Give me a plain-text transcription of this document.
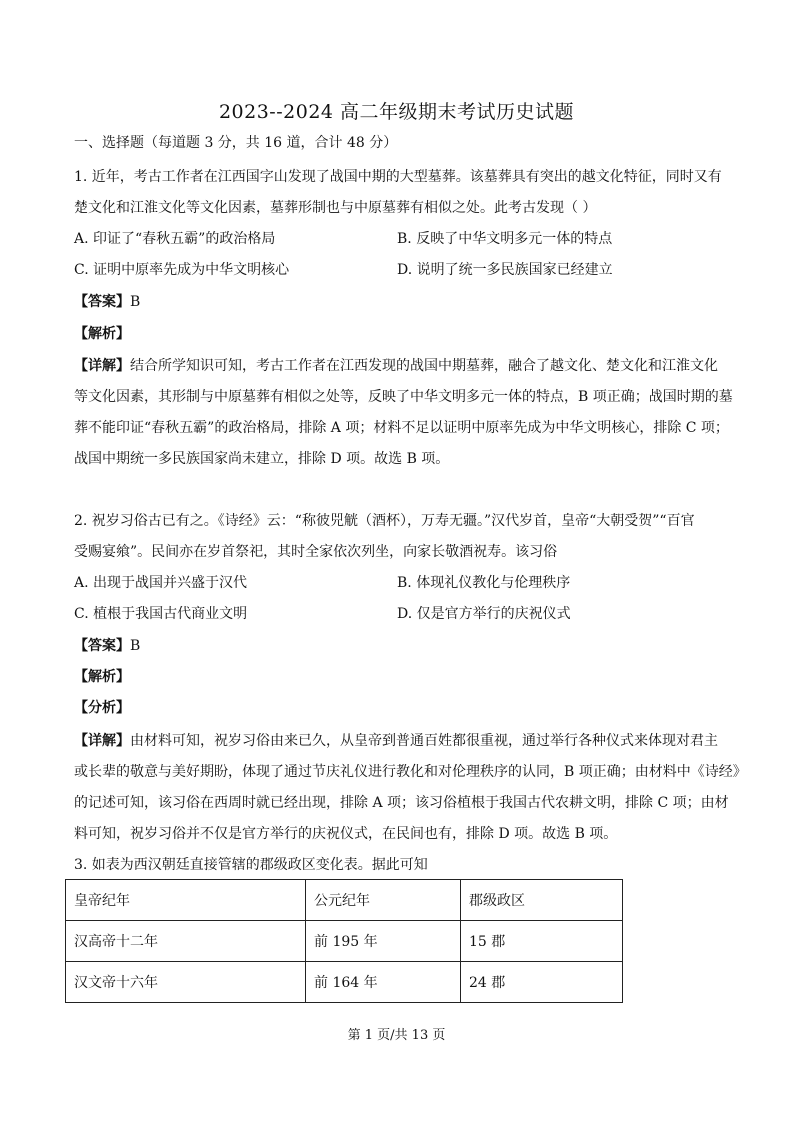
2023--2024 高二年级期末考试历史试题
一、选择题（每道题 3 分，共 16 道，合计 48 分）
1. 近年，考古工作者在江西国字山发现了战国中期的大型墓葬。该墓葬具有突出的越文化特征，同时又有
楚文化和江淮文化等文化因素，墓葬形制也与中原墓葬有相似之处。此考古发现（ ）
A. 印证了“春秋五霸”的政治格局	B. 反映了中华文明多元一体的特点
C. 证明中原率先成为中华文明核心	D. 说明了统一多民族国家已经建立
【答案】B
【解析】
【详解】结合所学知识可知，考古工作者在江西发现的战国中期墓葬，融合了越文化、楚文化和江淮文化
等文化因素，其形制与中原墓葬有相似之处等，反映了中华文明多元一体的特点，B 项正确；战国时期的墓
葬不能印证“春秋五霸”的政治格局，排除 A 项；材料不足以证明中原率先成为中华文明核心，排除 C 项；
战国中期统一多民族国家尚未建立，排除 D 项。故选 B 项。
2. 祝岁习俗古已有之。《诗经》云：“称彼兕觥（酒杯），万寿无疆。”汉代岁首，皇帝“大朝受贺”“百官
受赐宴飨”。民间亦在岁首祭祀，其时全家依次列坐，向家长敬酒祝寿。该习俗
A. 出现于战国并兴盛于汉代	B. 体现礼仪教化与伦理秩序
C. 植根于我国古代商业文明	D. 仅是官方举行的庆祝仪式
【答案】B
【解析】
【分析】
【详解】由材料可知，祝岁习俗由来已久，从皇帝到普通百姓都很重视，通过举行各种仪式来体现对君主
或长辈的敬意与美好期盼，体现了通过节庆礼仪进行教化和对伦理秩序的认同，B 项正确；由材料中《诗经》
的记述可知，该习俗在西周时就已经出现，排除 A 项；该习俗植根于我国古代农耕文明，排除 C 项；由材
料可知，祝岁习俗并不仅是官方举行的庆祝仪式，在民间也有，排除 D 项。故选 B 项。
3. 如表为西汉朝廷直接管辖的郡级政区变化表。据此可知
皇帝纪年	公元纪年	郡级政区
汉高帝十二年	前 195 年	15 郡
汉文帝十六年	前 164 年	24 郡
第 1 页/共 13 页
